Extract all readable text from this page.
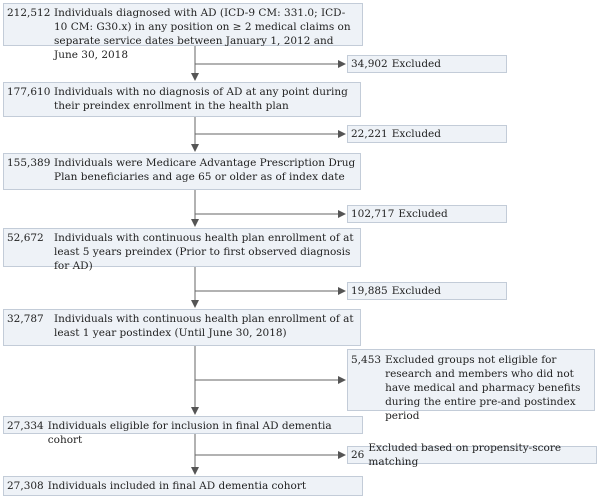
212,512 Individuals diagnosed with AD (ICD-9 CM: 331.0; ICD-10 CM: G30.x) in any position on ≥ 2 medical claims on separate service dates between January 1, 2012 and June 30, 2018
177,610 Individuals with no diagnosis of AD at any point during their preindex enrollment in the health plan
155,389 Individuals were Medicare Advantage Prescription Drug Plan beneficiaries and age 65 or older as of index date
52,672 Individuals with continuous health plan enrollment of at least 5 years preindex (Prior to first observed diagnosis for AD)
32,787 Individuals with continuous health plan enrollment of at least 1 year postindex (Until June 30, 2018)
27,334 Individuals eligible for inclusion in final AD dementia cohort
27,308 Individuals included in final AD dementia cohort
34,902 Excluded
22,221 Excluded
102,717 Excluded
19,885 Excluded
5,453 Excluded groups not eligible for research and members who did not have medical and pharmacy benefits during the entire pre-and postindex period
26
Excluded based on propensity-score matching
